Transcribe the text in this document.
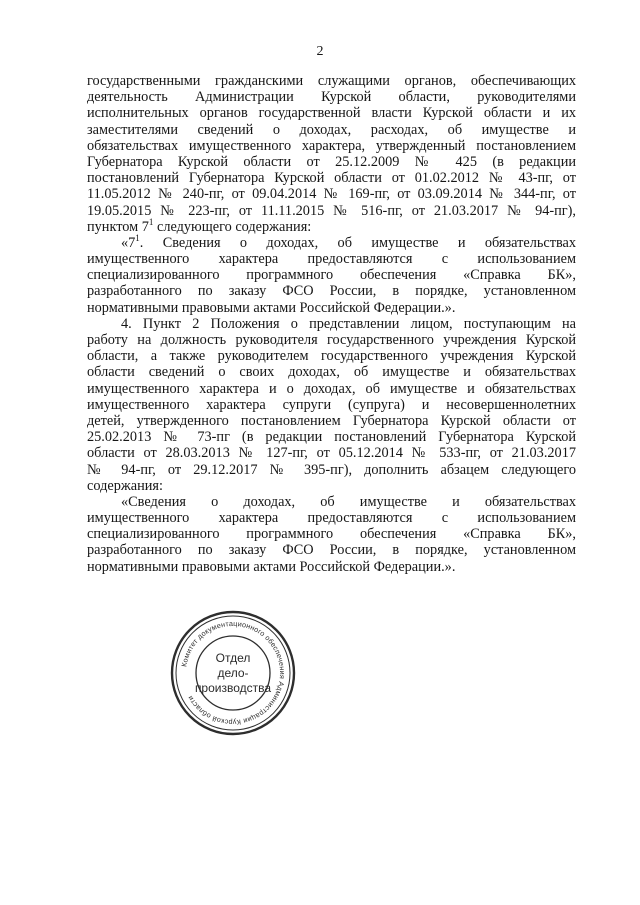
2
государственными гражданскими служащими органов, обеспечивающих
деятельность Администрации Курской области, руководителями
исполнительных органов государственной власти Курской области и их
заместителями сведений о доходах, расходах, об имуществе и
обязательствах имущественного характера, утвержденный постановлением
Губернатора Курской области от 25.12.2009 № 425 (в редакции
постановлений Губернатора Курской области от 01.02.2012 № 43-пг, от
11.05.2012 № 240-пг, от 09.04.2014 № 169-пг, от 03.09.2014 № 344-пг, от
19.05.2015 № 223-пг, от 11.11.2015 № 516-пг, от 21.03.2017 № 94-пг),
пунктом $7^1$ следующего содержания:
«$7^1$. Сведения о доходах, об имуществе и обязательствах
имущественного характера предоставляются с использованием
специализированного программного обеспечения «Справка БК»,
разработанного по заказу ФСО России, в порядке, установленном
нормативными правовыми актами Российской Федерации.».
4. Пункт 2 Положения о представлении лицом, поступающим на
работу на должность руководителя государственного учреждения Курской
области, а также руководителем государственного учреждения Курской
области сведений о своих доходах, об имуществе и обязательствах
имущественного характера и о доходах, об имуществе и обязательствах
имущественного характера супруги (супруга) и несовершеннолетних
детей, утвержденного постановлением Губернатора Курской области от
25.02.2013 № 73-пг (в редакции постановлений Губернатора Курской
области от 28.03.2013 № 127-пг, от 05.12.2014 № 533-пг, от 21.03.2017
№ 94-пг, от 29.12.2017 № 395-пг), дополнить абзацем следующего
содержания:
«Сведения о доходах, об имуществе и обязательствах
имущественного характера предоставляются с использованием
специализированного программного обеспечения «Справка БК»,
разработанного по заказу ФСО России, в порядке, установленном
нормативными правовыми актами Российской Федерации.».
Комитет документационного обеспечения Администрации Курской области
Отдел
дело-
производства
